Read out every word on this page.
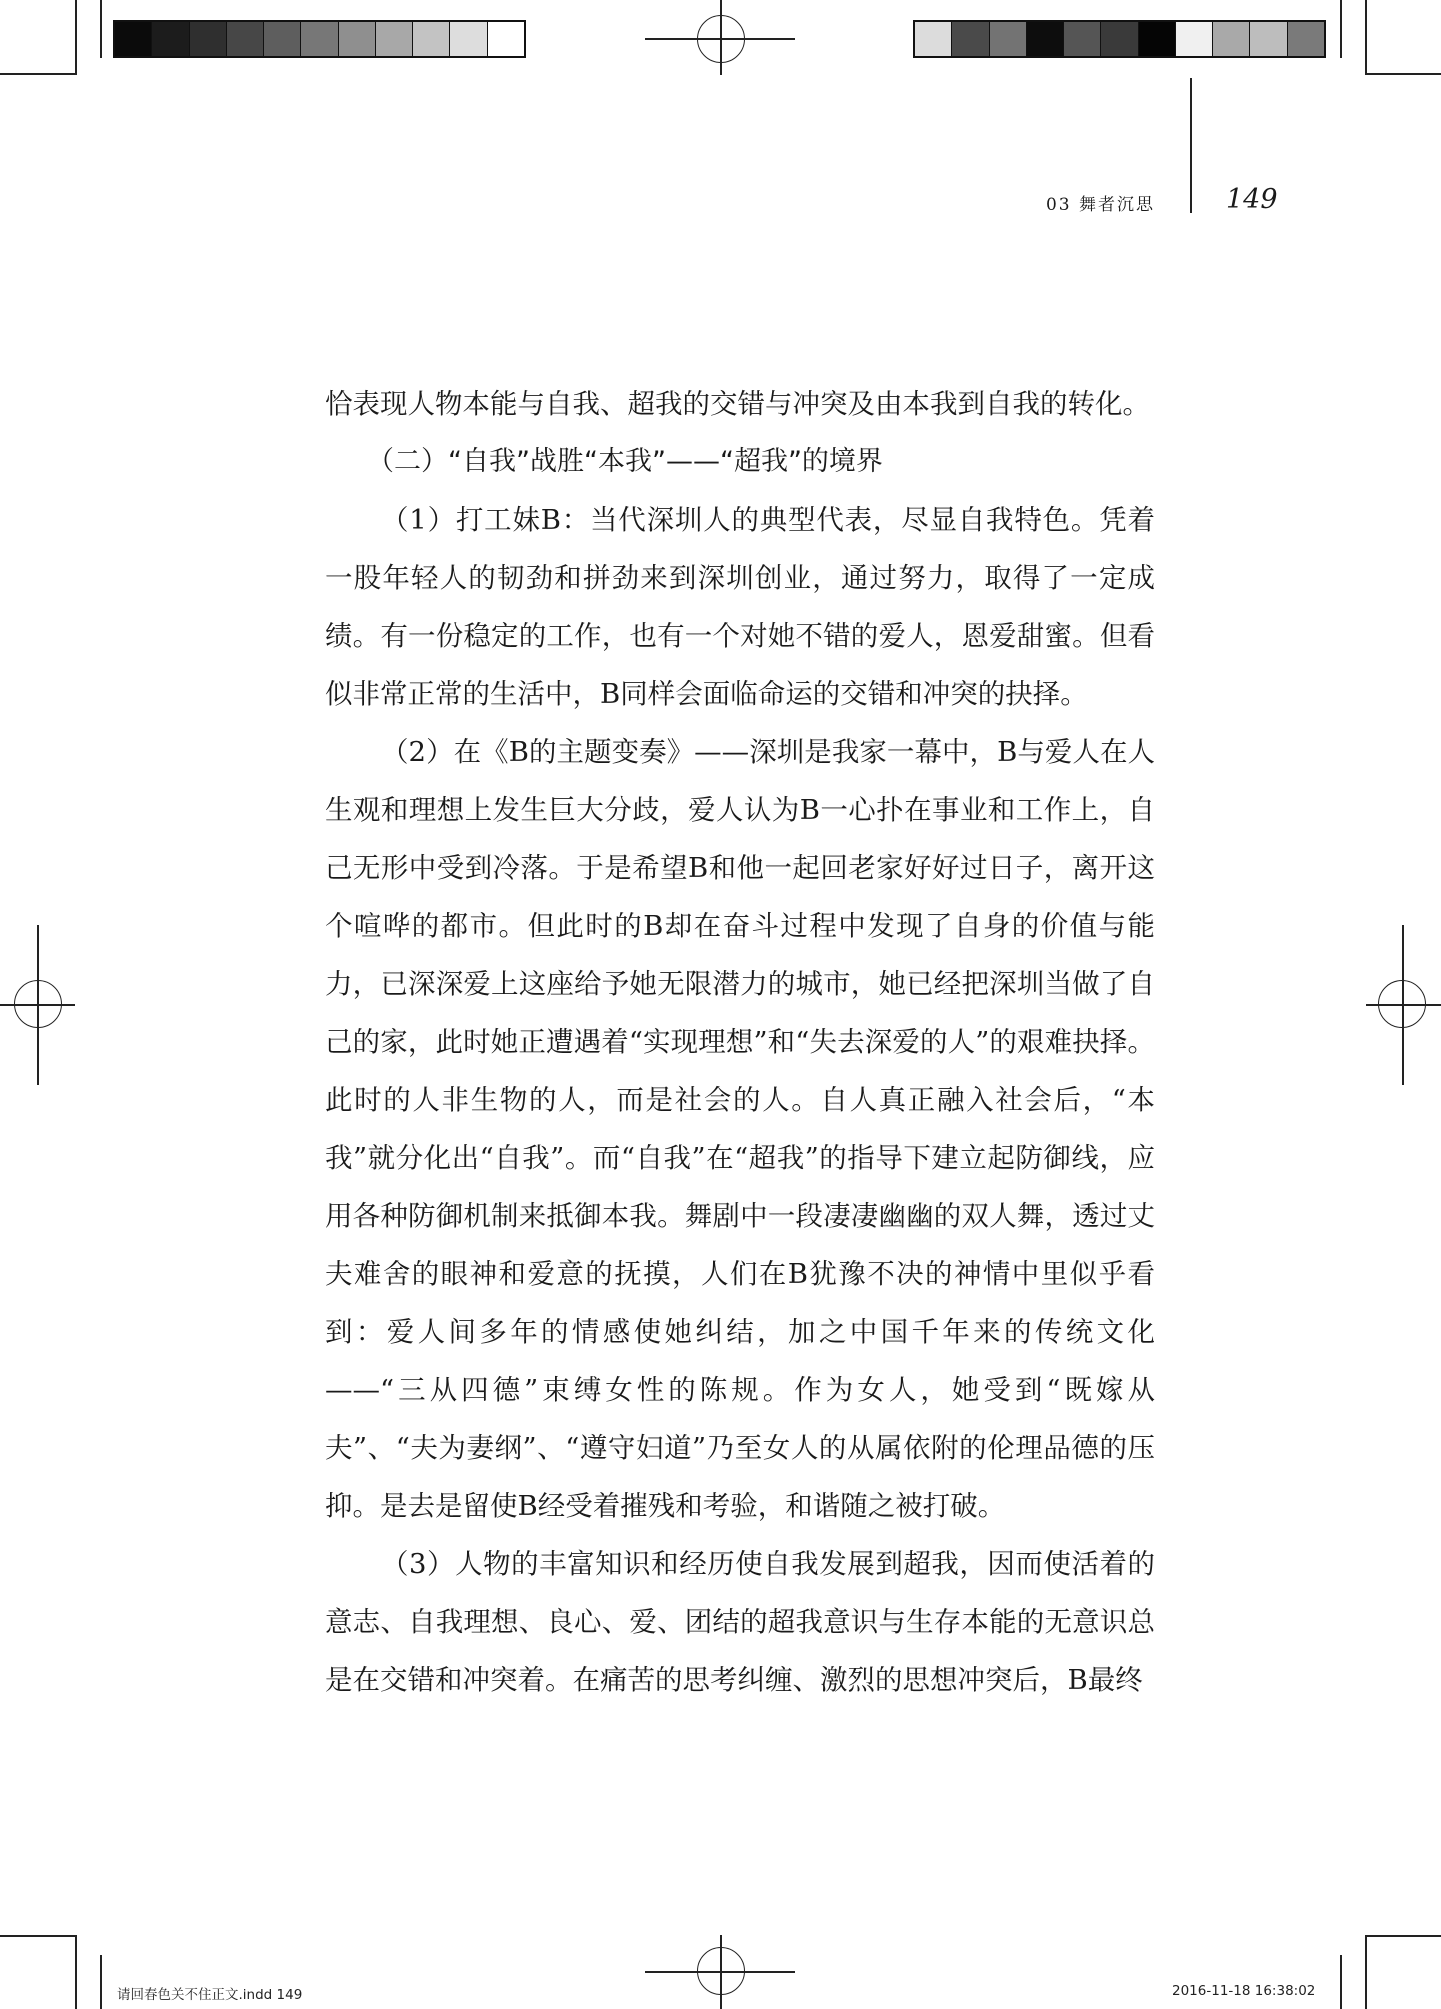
03 舞者沉思	149

恰表现人物本能与自我、超我的交错与冲突及由本我到自我的转化。

（二）“自我”战胜“本我”——“超我”的境界

（1）打工妹B：当代深圳人的典型代表，尽显自我特色。凭着一股年轻人的韧劲和拼劲来到深圳创业，通过努力，取得了一定成绩。有一份稳定的工作，也有一个对她不错的爱人，恩爱甜蜜。但看似非常正常的生活中，B同样会面临命运的交错和冲突的抉择。

（2）在《B的主题变奏》——深圳是我家一幕中，B与爱人在人生观和理想上发生巨大分歧，爱人认为B一心扑在事业和工作上，自己无形中受到冷落。于是希望B和他一起回老家好好过日子，离开这个喧哗的都市。但此时的B却在奋斗过程中发现了自身的价值与能力，已深深爱上这座给予她无限潜力的城市，她已经把深圳当做了自己的家，此时她正遭遇着“实现理想”和“失去深爱的人”的艰难抉择。此时的人非生物的人，而是社会的人。自人真正融入社会后，“本我”就分化出“自我”。而“自我”在“超我”的指导下建立起防御线，应用各种防御机制来抵御本我。舞剧中一段凄凄幽幽的双人舞，透过丈夫难舍的眼神和爱意的抚摸，人们在B犹豫不决的神情中里似乎看到：爱人间多年的情感使她纠结，加之中国千年来的传统文化——“三从四德”束缚女性的陈规。作为女人，她受到“既嫁从夫”、“夫为妻纲”、“遵守妇道”乃至女人的从属依附的伦理品德的压抑。是去是留使B经受着摧残和考验，和谐随之被打破。

（3）人物的丰富知识和经历使自我发展到超我，因而使活着的意志、自我理想、良心、爱、团结的超我意识与生存本能的无意识总是在交错和冲突着。在痛苦的思考纠缠、激烈的思想冲突后，B最终

请回春色关不住正文.indd 149	2016-11-18 16:38:02
